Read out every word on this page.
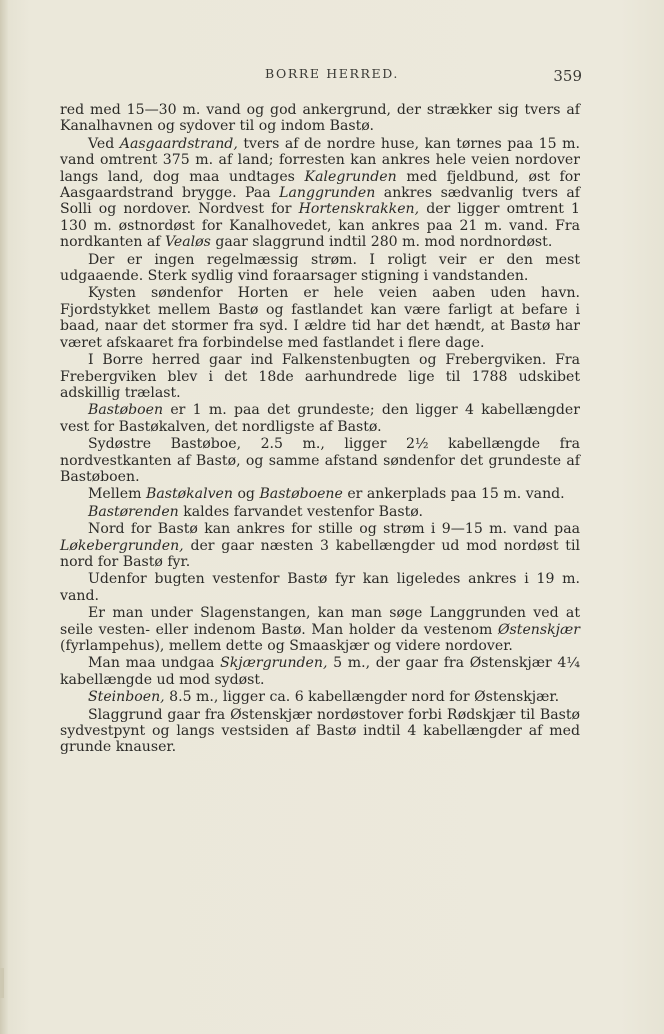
BORRE HERRED.	359

red med 15—30 m. vand og god ankergrund, der strækker sig tvers af Kanalhavnen og sydover til og indom Bastø.

Ved Aasgaardstrand, tvers af de nordre huse, kan tørnes paa 15 m. vand omtrent 375 m. af land; forresten kan ankres hele veien nordover langs land, dog maa undtages Kalegrunden med fjeldbund, øst for Aasgaardstrand brygge. Paa Langgrunden ankres sædvanlig tvers af Solli og nordover. Nordvest for Hortenskrakken, der ligger omtrent 1 130 m. østnordøst for Kanalhovedet, kan ankres paa 21 m. vand. Fra nordkanten af Vealøs gaar slaggrund indtil 280 m. mod nordnordøst.

Der er ingen regelmæssig strøm. I roligt veir er den mest udgaaende. Sterk sydlig vind foraarsager stigning i vandstanden.

Kysten søndenfor Horten er hele veien aaben uden havn. Fjordstykket mellem Bastø og fastlandet kan være farligt at befare i baad, naar det stormer fra syd. I ældre tid har det hændt, at Bastø har været afskaaret fra forbindelse med fastlandet i flere dage.

I Borre herred gaar ind Falkenstenbugten og Frebergviken. Fra Frebergviken blev i det 18de aarhundrede lige til 1788 udskibet adskillig trælast.

Bastøboen er 1 m. paa det grundeste; den ligger 4 kabellængder vest for Bastøkalven, det nordligste af Bastø.

Sydøstre Bastøboe, 2.5 m., ligger 2½ kabellængde fra nordvestkanten af Bastø, og samme afstand søndenfor det grundeste af Bastøboen.

Mellem Bastøkalven og Bastøboene er ankerplads paa 15 m. vand.

Bastørenden kaldes farvandet vestenfor Bastø.

Nord for Bastø kan ankres for stille og strøm i 9—15 m. vand paa Løkebergrunden, der gaar næsten 3 kabellængder ud mod nordøst til nord for Bastø fyr.

Udenfor bugten vestenfor Bastø fyr kan ligeledes ankres i 19 m. vand.

Er man under Slagenstangen, kan man søge Langgrunden ved at seile vesten- eller indenom Bastø. Man holder da vestenom Østenskjær (fyrlampehus), mellem dette og Smaaskjær og videre nordover.

Man maa undgaa Skjærgrunden, 5 m., der gaar fra Østenskjær 4¼ kabellængde ud mod sydøst.

Steinboen, 8.5 m., ligger ca. 6 kabellængder nord for Østenskjær.

Slaggrund gaar fra Østenskjær nordøstover forbi Rødskjær til Bastø sydvestpynt og langs vestsiden af Bastø indtil 4 kabellængder af med grunde knauser.
